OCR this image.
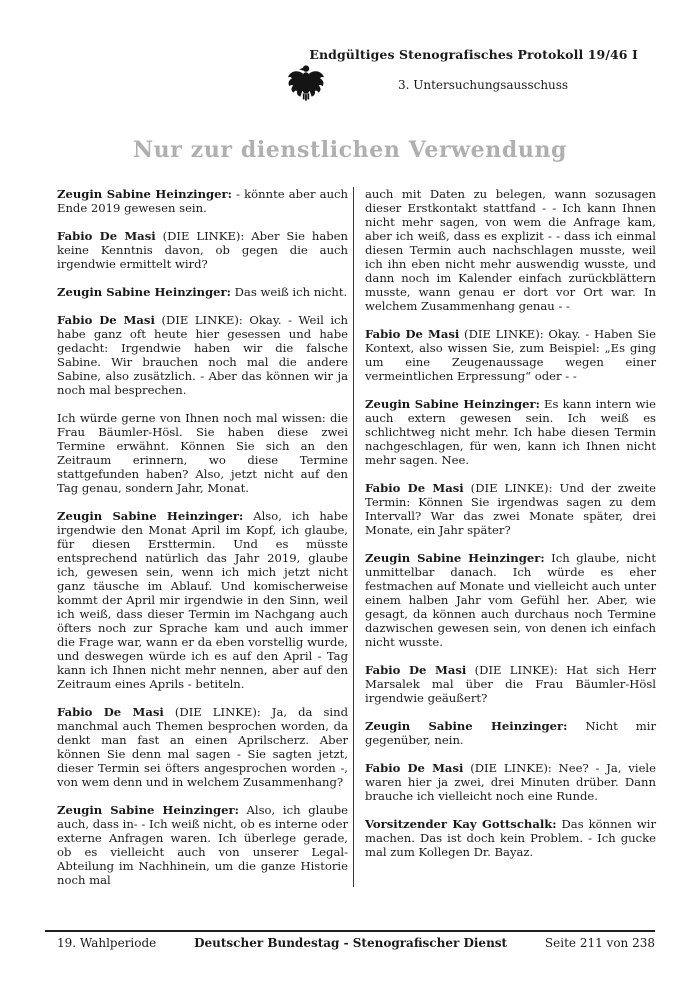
Endgültiges Stenografisches Protokoll 19/46 I
3. Untersuchungsausschuss
Nur zur dienstlichen Verwendung

Zeugin Sabine Heinzinger: - könnte aber auch Ende 2019 gewesen sein.

Fabio De Masi (DIE LINKE): Aber Sie haben keine Kenntnis davon, ob gegen die auch irgendwie ermittelt wird?

Zeugin Sabine Heinzinger: Das weiß ich nicht.

Fabio De Masi (DIE LINKE): Okay. - Weil ich habe ganz oft heute hier gesessen und habe gedacht: Irgendwie haben wir die falsche Sabine. Wir brauchen noch mal die andere Sabine, also zusätzlich. - Aber das können wir ja noch mal besprechen.

Ich würde gerne von Ihnen noch mal wissen: die Frau Bäumler-Hösl. Sie haben diese zwei Termine erwähnt. Können Sie sich an den Zeitraum erinnern, wo diese Termine stattgefunden haben? Also, jetzt nicht auf den Tag genau, sondern Jahr, Monat.

Zeugin Sabine Heinzinger: Also, ich habe irgendwie den Monat April im Kopf, ich glaube, für diesen Ersttermin. Und es müsste entsprechend natürlich das Jahr 2019, glaube ich, gewesen sein, wenn ich mich jetzt nicht ganz täusche im Ablauf. Und komischerweise kommt der April mir irgendwie in den Sinn, weil ich weiß, dass dieser Termin im Nachgang auch öfters noch zur Sprache kam und auch immer die Frage war, wann er da eben vorstellig wurde, und deswegen würde ich es auf den April - Tag kann ich Ihnen nicht mehr nennen, aber auf den Zeitraum eines Aprils - betiteln.

Fabio De Masi (DIE LINKE): Ja, da sind manchmal auch Themen besprochen worden, da denkt man fast an einen Aprilscherz. Aber können Sie denn mal sagen - Sie sagten jetzt, dieser Termin sei öfters angesprochen worden -, von wem denn und in welchem Zusammenhang?

Zeugin Sabine Heinzinger: Also, ich glaube auch, dass in- - Ich weiß nicht, ob es interne oder externe Anfragen waren. Ich überlege gerade, ob es vielleicht auch von unserer Legal-Abteilung im Nachhinein, um die ganze Historie noch mal

auch mit Daten zu belegen, wann sozusagen dieser Erstkontakt stattfand - - Ich kann Ihnen nicht mehr sagen, von wem die Anfrage kam, aber ich weiß, dass es explizit - - dass ich einmal diesen Termin auch nachschlagen musste, weil ich ihn eben nicht mehr auswendig wusste, und dann noch im Kalender einfach zurückblättern musste, wann genau er dort vor Ort war. In welchem Zusammenhang genau - -

Fabio De Masi (DIE LINKE): Okay. - Haben Sie Kontext, also wissen Sie, zum Beispiel: „Es ging um eine Zeugenaussage wegen einer vermeintlichen Erpressung“ oder - -

Zeugin Sabine Heinzinger: Es kann intern wie auch extern gewesen sein. Ich weiß es schlichtweg nicht mehr. Ich habe diesen Termin nachgeschlagen, für wen, kann ich Ihnen nicht mehr sagen. Nee.

Fabio De Masi (DIE LINKE): Und der zweite Termin: Können Sie irgendwas sagen zu dem Intervall? War das zwei Monate später, drei Monate, ein Jahr später?

Zeugin Sabine Heinzinger: Ich glaube, nicht unmittelbar danach. Ich würde es eher festmachen auf Monate und vielleicht auch unter einem halben Jahr vom Gefühl her. Aber, wie gesagt, da können auch durchaus noch Termine dazwischen gewesen sein, von denen ich einfach nicht wusste.

Fabio De Masi (DIE LINKE): Hat sich Herr Marsalek mal über die Frau Bäumler-Hösl irgendwie geäußert?

Zeugin Sabine Heinzinger: Nicht mir gegenüber, nein.

Fabio De Masi (DIE LINKE): Nee? - Ja, viele waren hier ja zwei, drei Minuten drüber. Dann brauche ich vielleicht noch eine Runde.

Vorsitzender Kay Gottschalk: Das können wir machen. Das ist doch kein Problem. - Ich gucke mal zum Kollegen Dr. Bayaz.

19. Wahlperiode	Deutscher Bundestag - Stenografischer Dienst	Seite 211 von 238
